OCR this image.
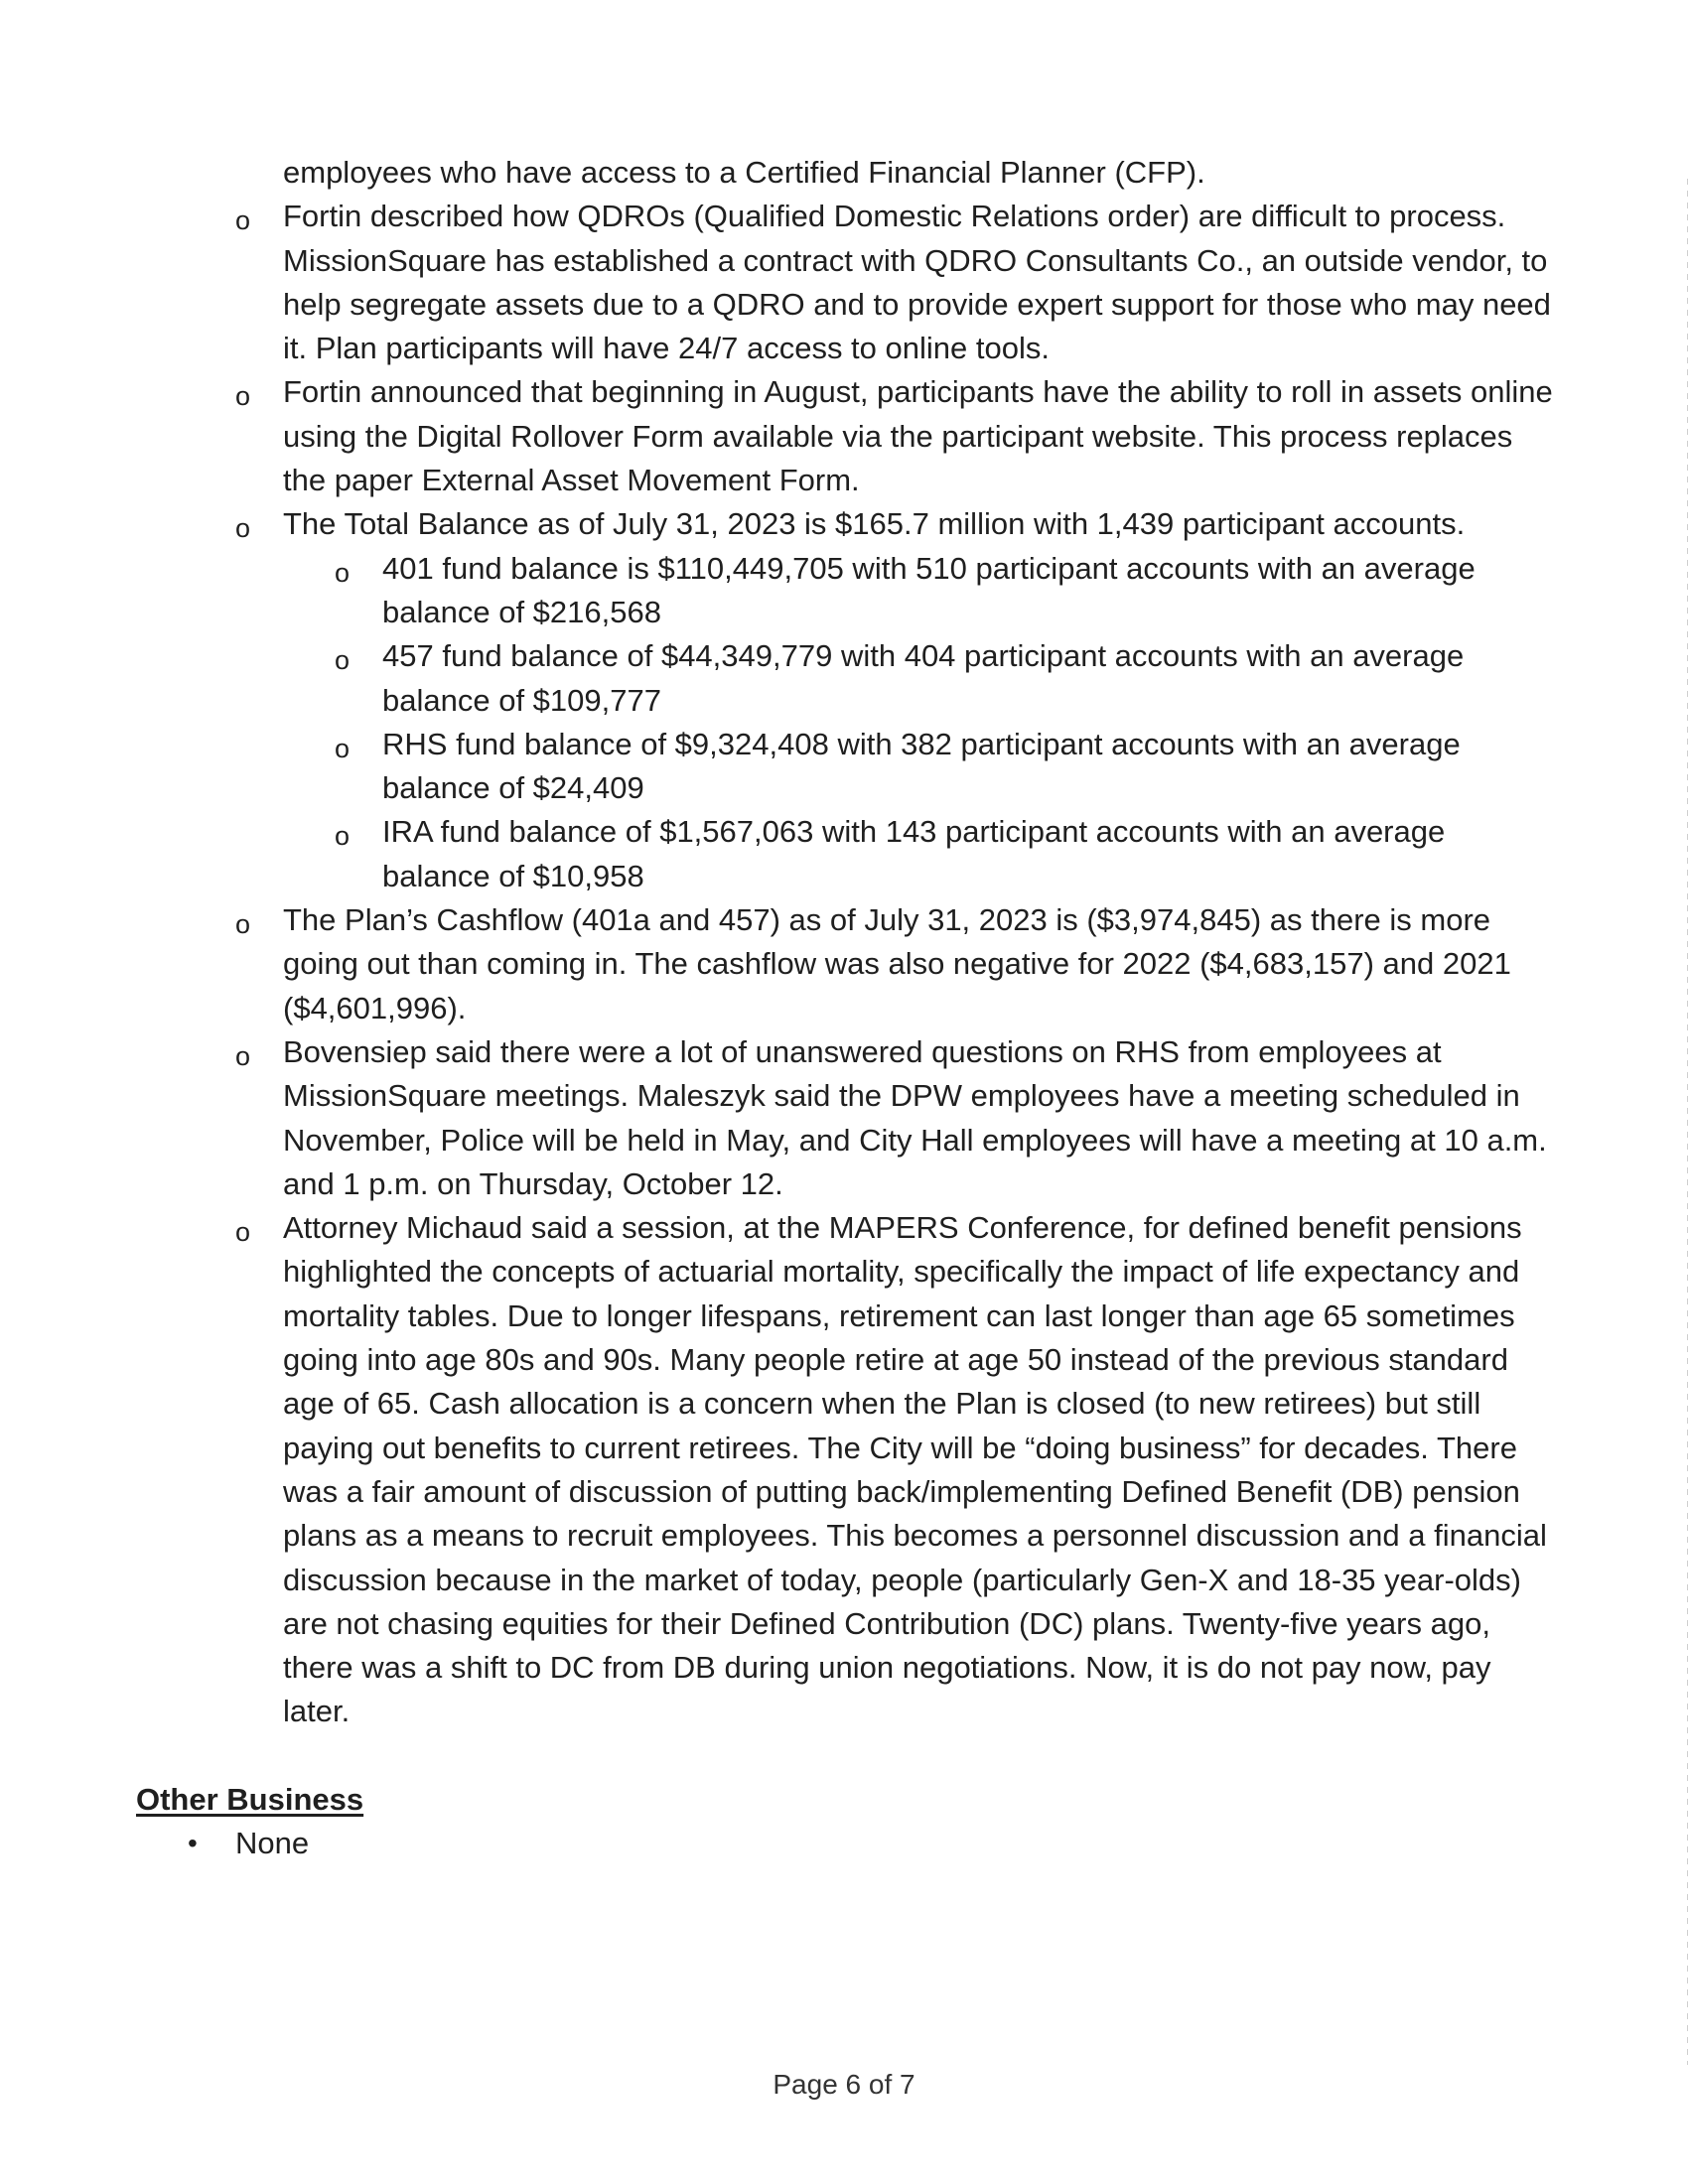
employees who have access to a Certified Financial Planner (CFP).

o Fortin described how QDROs (Qualified Domestic Relations order) are difficult to process. MissionSquare has established a contract with QDRO Consultants Co., an outside vendor, to help segregate assets due to a QDRO and to provide expert support for those who may need it. Plan participants will have 24/7 access to online tools.
o Fortin announced that beginning in August, participants have the ability to roll in assets online using the Digital Rollover Form available via the participant website. This process replaces the paper External Asset Movement Form.
o The Total Balance as of July 31, 2023 is $165.7 million with 1,439 participant accounts.
o 401 fund balance is $110,449,705 with 510 participant accounts with an average balance of $216,568
o 457 fund balance of $44,349,779 with 404 participant accounts with an average balance of $109,777
o RHS fund balance of $9,324,408 with 382 participant accounts with an average balance of $24,409
o IRA fund balance of $1,567,063 with 143 participant accounts with an average balance of $10,958
o The Plan’s Cashflow (401a and 457) as of July 31, 2023 is ($3,974,845) as there is more going out than coming in. The cashflow was also negative for 2022 ($4,683,157) and 2021 ($4,601,996).
o Bovensiep said there were a lot of unanswered questions on RHS from employees at MissionSquare meetings. Maleszyk said the DPW employees have a meeting scheduled in November, Police will be held in May, and City Hall employees will have a meeting at 10 a.m. and 1 p.m. on Thursday, October 12.
o Attorney Michaud said a session, at the MAPERS Conference, for defined benefit pensions highlighted the concepts of actuarial mortality, specifically the impact of life expectancy and mortality tables. Due to longer lifespans, retirement can last longer than age 65 sometimes going into age 80s and 90s. Many people retire at age 50 instead of the previous standard age of 65. Cash allocation is a concern when the Plan is closed (to new retirees) but still paying out benefits to current retirees. The City will be “doing business” for decades. There was a fair amount of discussion of putting back/implementing Defined Benefit (DB) pension plans as a means to recruit employees. This becomes a personnel discussion and a financial discussion because in the market of today, people (particularly Gen-X and 18-35 year-olds) are not chasing equities for their Defined Contribution (DC) plans. Twenty-five years ago, there was a shift to DC from DB during union negotiations. Now, it is do not pay now, pay later.
Other Business
• None
Page 6 of 7
